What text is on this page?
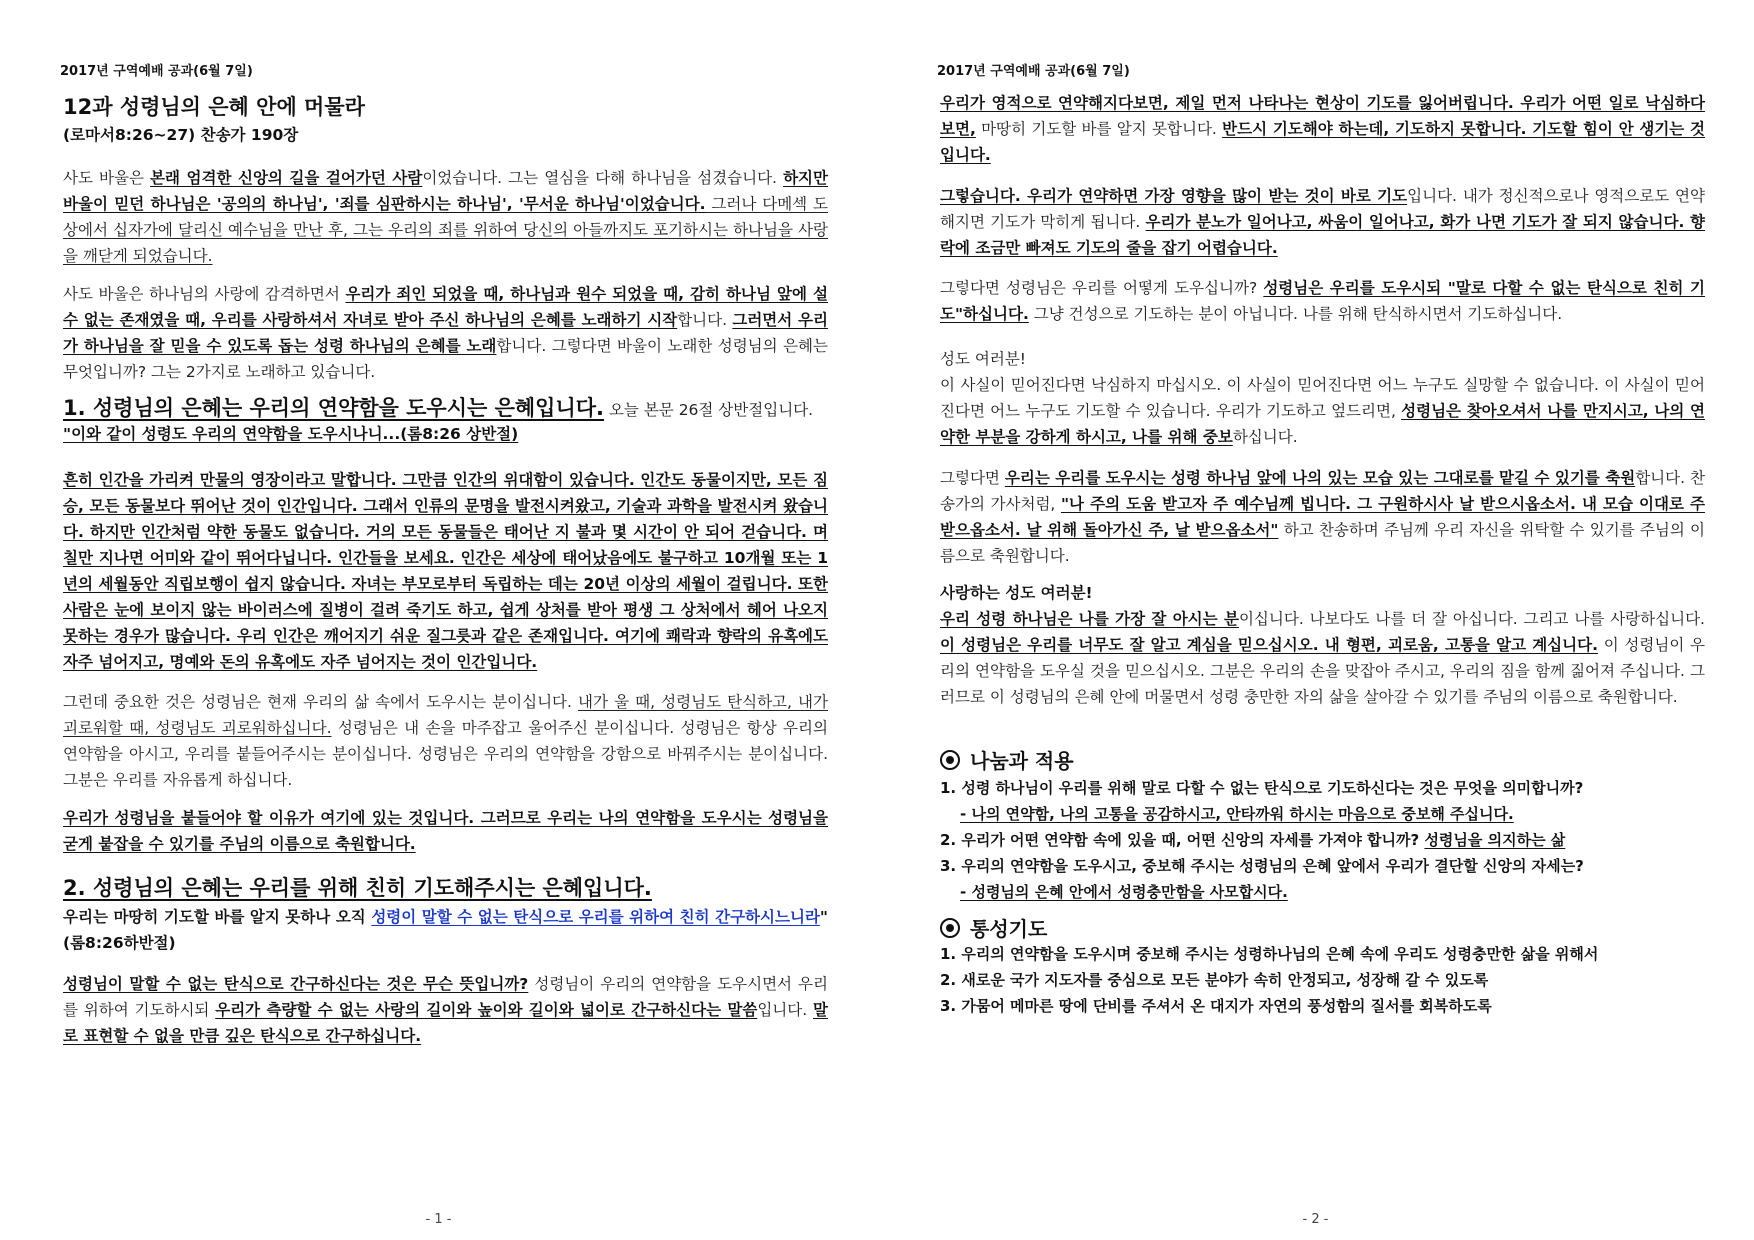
2017년 구역예배 공과(6월 7일)
12과 성령님의 은혜 안에 머물라
(로마서8:26~27) 찬송가 190장

사도 바울은 본래 엄격한 신앙의 길을 걸어가던 사람이었습니다. 그는 열심을 다해 하나님을 섬겼습니다. 하지만 바울이 믿던 하나님은 '공의의 하나님', '죄를 심판하시는 하나님', '무서운 하나님'이었습니다. 그러나 다메섹 도상에서 십자가에 달리신 예수님을 만난 후, 그는 우리의 죄를 위하여 당신의 아들까지도 포기하시는 하나님을 사랑을 깨닫게 되었습니다.

사도 바울은 하나님의 사랑에 감격하면서 우리가 죄인 되었을 때, 하나님과 원수 되었을 때, 감히 하나님 앞에 설 수 없는 존재였을 때, 우리를 사랑하셔서 자녀로 받아 주신 하나님의 은혜를 노래하기 시작합니다. 그러면서 우리가 하나님을 잘 믿을 수 있도록 돕는 성령 하나님의 은혜를 노래합니다. 그렇다면 바울이 노래한 성령님의 은혜는 무엇입니까? 그는 2가지로 노래하고 있습니다.

1. 성령님의 은혜는 우리의 연약함을 도우시는 은혜입니다. 오늘 본문 26절 상반절입니다.

"이와 같이 성령도 우리의 연약함을 도우시나니...(롬8:26 상반절)

흔히 인간을 가리켜 만물의 영장이라고 말합니다. 그만큼 인간의 위대함이 있습니다. 인간도 동물이지만, 모든 짐승, 모든 동물보다 뛰어난 것이 인간입니다. 그래서 인류의 문명을 발전시켜왔고, 기술과 과학을 발전시켜 왔습니다. 하지만 인간처럼 약한 동물도 없습니다. 거의 모든 동물들은 태어난 지 불과 몇 시간이 안 되어 걷습니다. 며칠만 지나면 어미와 같이 뛰어다닙니다. 인간들을 보세요. 인간은 세상에 태어났음에도 불구하고 10개월 또는 1년의 세월동안 직립보행이 쉽지 않습니다. 자녀는 부모로부터 독립하는 데는 20년 이상의 세월이 걸립니다. 또한 사람은 눈에 보이지 않는 바이러스에 질병이 걸려 죽기도 하고, 쉽게 상처를 받아 평생 그 상처에서 헤어 나오지 못하는 경우가 많습니다. 우리 인간은 깨어지기 쉬운 질그릇과 같은 존재입니다. 여기에 쾌락과 향락의 유혹에도 자주 넘어지고, 명예와 돈의 유혹에도 자주 넘어지는 것이 인간입니다.

그런데 중요한 것은 성령님은 현재 우리의 삶 속에서 도우시는 분이십니다. 내가 울 때, 성령님도 탄식하고, 내가 괴로워할 때, 성령님도 괴로워하십니다. 성령님은 내 손을 마주잡고 울어주신 분이십니다. 성령님은 항상 우리의 연약함을 아시고, 우리를 붙들어주시는 분이십니다. 성령님은 우리의 연약함을 강함으로 바꿔주시는 분이십니다. 그분은 우리를 자유롭게 하십니다.

우리가 성령님을 붙들어야 할 이유가 여기에 있는 것입니다. 그러므로 우리는 나의 연약함을 도우시는 성령님을 굳게 붙잡을 수 있기를 주님의 이름으로 축원합니다.

2. 성령님의 은혜는 우리를 위해 친히 기도해주시는 은혜입니다.

우리는 마땅히 기도할 바를 알지 못하나 오직 성령이 말할 수 없는 탄식으로 우리를 위하여 친히 간구하시느니라"(롬8:26하반절)

성령님이 말할 수 없는 탄식으로 간구하신다는 것은 무슨 뜻입니까? 성령님이 우리의 연약함을 도우시면서 우리를 위하여 기도하시되 우리가 측량할 수 없는 사랑의 길이와 높이와 길이와 넓이로 간구하신다는 말씀입니다. 말로 표현할 수 없을 만큼 깊은 탄식으로 간구하십니다.

- 1 -
2017년 구역예배 공과(6월 7일)

우리가 영적으로 연약해지다보면, 제일 먼저 나타나는 현상이 기도를 잃어버립니다. 우리가 어떤 일로 낙심하다보면, 마땅히 기도할 바를 알지 못합니다. 반드시 기도해야 하는데, 기도하지 못합니다. 기도할 힘이 안 생기는 것입니다.

그렇습니다. 우리가 연약하면 가장 영향을 많이 받는 것이 바로 기도입니다. 내가 정신적으로나 영적으로도 연약해지면 기도가 막히게 됩니다. 우리가 분노가 일어나고, 싸움이 일어나고, 화가 나면 기도가 잘 되지 않습니다. 향락에 조금만 빠져도 기도의 줄을 잡기 어렵습니다.

그렇다면 성령님은 우리를 어떻게 도우십니까? 성령님은 우리를 도우시되 "말로 다할 수 없는 탄식으로 친히 기도"하십니다. 그냥 건성으로 기도하는 분이 아닙니다. 나를 위해 탄식하시면서 기도하십니다.

성도 여러분!

이 사실이 믿어진다면 낙심하지 마십시오. 이 사실이 믿어진다면 어느 누구도 실망할 수 없습니다. 이 사실이 믿어진다면 어느 누구도 기도할 수 있습니다. 우리가 기도하고 엎드리면, 성령님은 찾아오셔서 나를 만지시고, 나의 연약한 부분을 강하게 하시고, 나를 위해 중보하십니다.

그렇다면 우리는 우리를 도우시는 성령 하나님 앞에 나의 있는 모습 있는 그대로를 맡길 수 있기를 축원합니다. 찬송가의 가사처럼, "나 주의 도움 받고자 주 예수님께 빕니다. 그 구원하시사 날 받으시옵소서. 내 모습 이대로 주 받으옵소서. 날 위해 돌아가신 주, 날 받으옵소서" 하고 찬송하며 주님께 우리 자신을 위탁할 수 있기를 주님의 이름으로 축원합니다.

사랑하는 성도 여러분!

우리 성령 하나님은 나를 가장 잘 아시는 분이십니다. 나보다도 나를 더 잘 아십니다. 그리고 나를 사랑하십니다. 이 성령님은 우리를 너무도 잘 알고 계심을 믿으십시오. 내 형편, 괴로움, 고통을 알고 계십니다. 이 성령님이 우리의 연약함을 도우실 것을 믿으십시오. 그분은 우리의 손을 맞잡아 주시고, 우리의 짐을 함께 짊어져 주십니다. 그러므로 이 성령님의 은혜 안에 머물면서 성령 충만한 자의 삶을 살아갈 수 있기를 주님의 이름으로 축원합니다.

나눔과 적용
1. 성령 하나님이 우리를 위해 말로 다할 수 없는 탄식으로 기도하신다는 것은 무엇을 의미합니까?
- 나의 연약함, 나의 고통을 공감하시고, 안타까워 하시는 마음으로 중보해 주십니다.
2. 우리가 어떤 연약함 속에 있을 때, 어떤 신앙의 자세를 가져야 합니까? 성령님을 의지하는 삶
3. 우리의 연약함을 도우시고, 중보해 주시는 성령님의 은혜 앞에서 우리가 결단할 신앙의 자세는?
- 성령님의 은혜 안에서 성령충만함을 사모합시다.
통성기도
1. 우리의 연약함을 도우시며 중보해 주시는 성령하나님의 은혜 속에 우리도 성령충만한 삶을 위해서
2. 새로운 국가 지도자를 중심으로 모든 분야가 속히 안정되고, 성장해 갈 수 있도록
3. 가뭄어 메마른 땅에 단비를 주셔서 온 대지가 자연의 풍성함의 질서를 회복하도록
- 2 -
